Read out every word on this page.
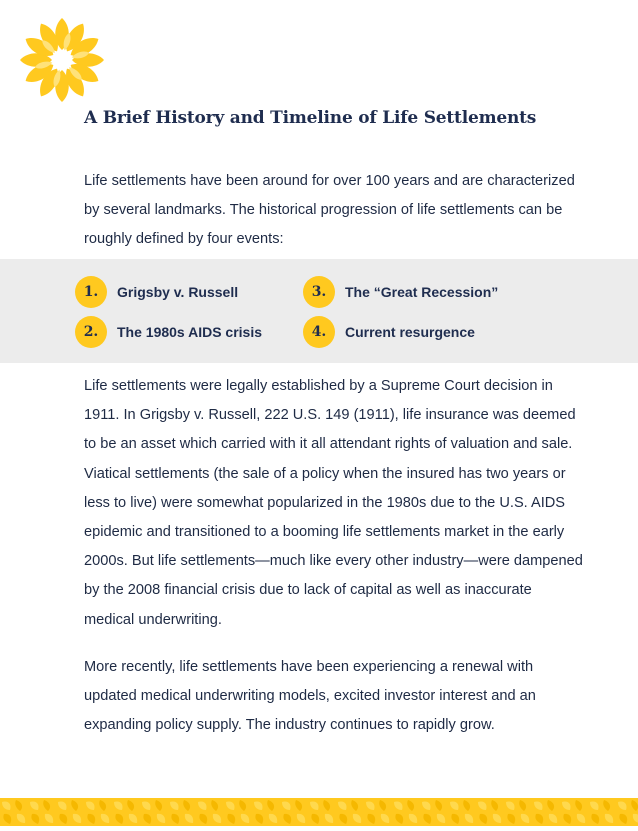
A Brief History and Timeline of Life Settlements

Life settlements have been around for over 100 years and are characterized by several landmarks. The historical progression of life settlements can be roughly defined by four events:

1.	Grigsby v. Russell
2.	The 1980s AIDS crisis
3.	The “Great Recession”
4.	Current resurgence

Life settlements were legally established by a Supreme Court decision in 1911. In Grigsby v. Russell, 222 U.S. 149 (1911), life insurance was deemed to be an asset which carried with it all attendant rights of valuation and sale. Viatical settlements (the sale of a policy when the insured has two years or less to live) were somewhat popularized in the 1980s due to the U.S. AIDS epidemic and transitioned to a booming life settlements market in the early 2000s. But life settlements—much like every other industry—were dampened by the 2008 financial crisis due to lack of capital as well as inaccurate medical underwriting.

More recently, life settlements have been experiencing a renewal with updated medical underwriting models, excited investor interest and an expanding policy supply. The industry continues to rapidly grow.
